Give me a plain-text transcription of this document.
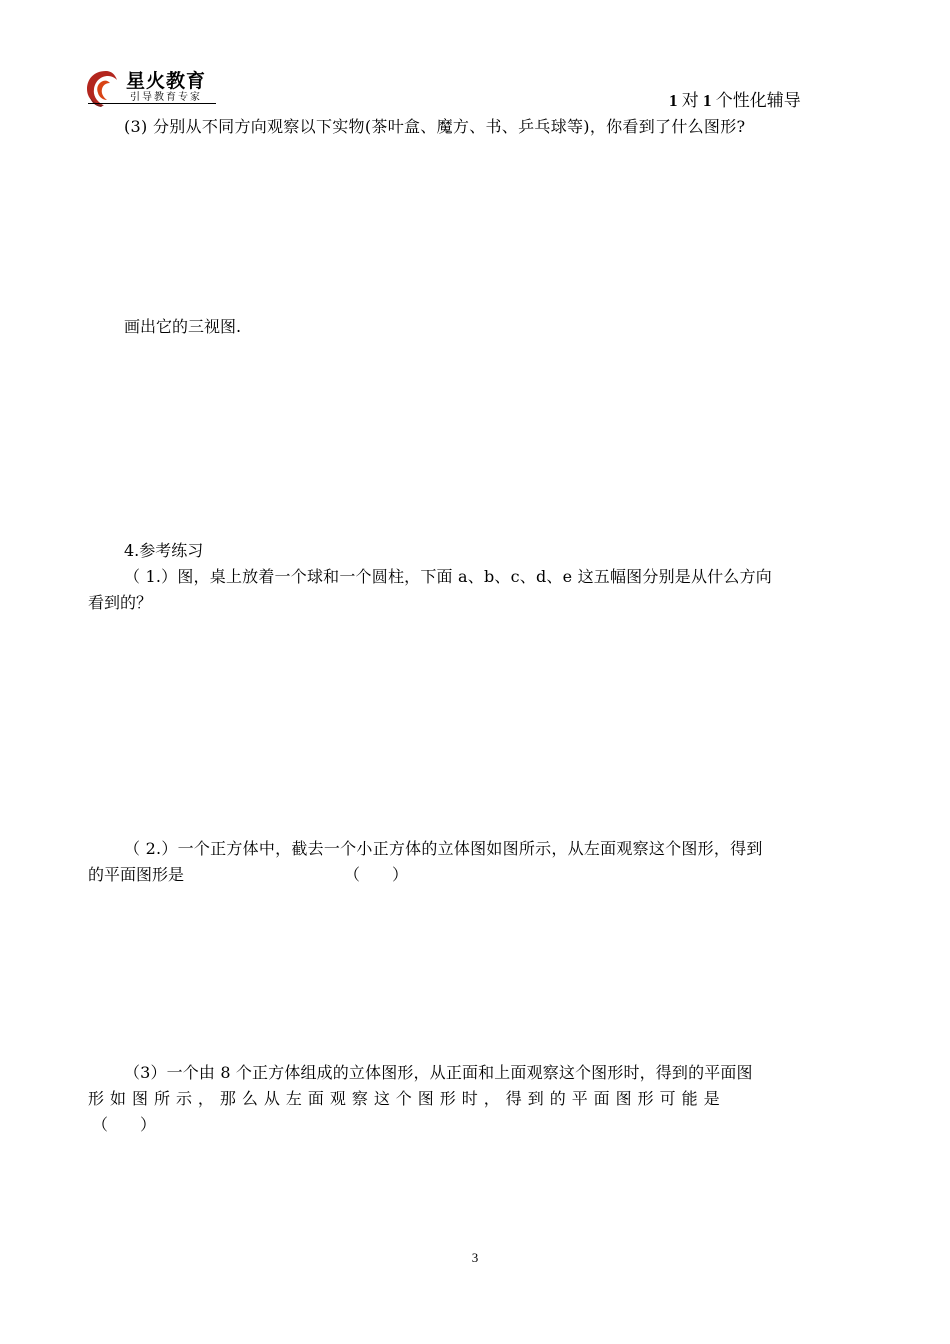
星火教育
引导教育专家	1 对 1 个性化辅导
(3) 分别从不同方向观察以下实物(茶叶盒、魔方、书、乒乓球等)，你看到了什么图形?
画出它的三视图.
4.参考练习
（ 1.）图，桌上放着一个球和一个圆柱，下面 a、b、c、d、e 这五幅图分别是从什么方向
看到的？
（ 2.）一个正方体中，截去一个小正方体的立体图如图所示，从左面观察这个图形，得到
的平面图形是	（　　）
（3）一个由 8 个正方体组成的立体图形，从正面和上面观察这个图形时，得到的平面图
形 如 图 所 示 ， 那 么 从 左 面 观 察 这 个 图 形 时 ， 得 到 的 平 面 图 形 可 能 是
（　　）
3
